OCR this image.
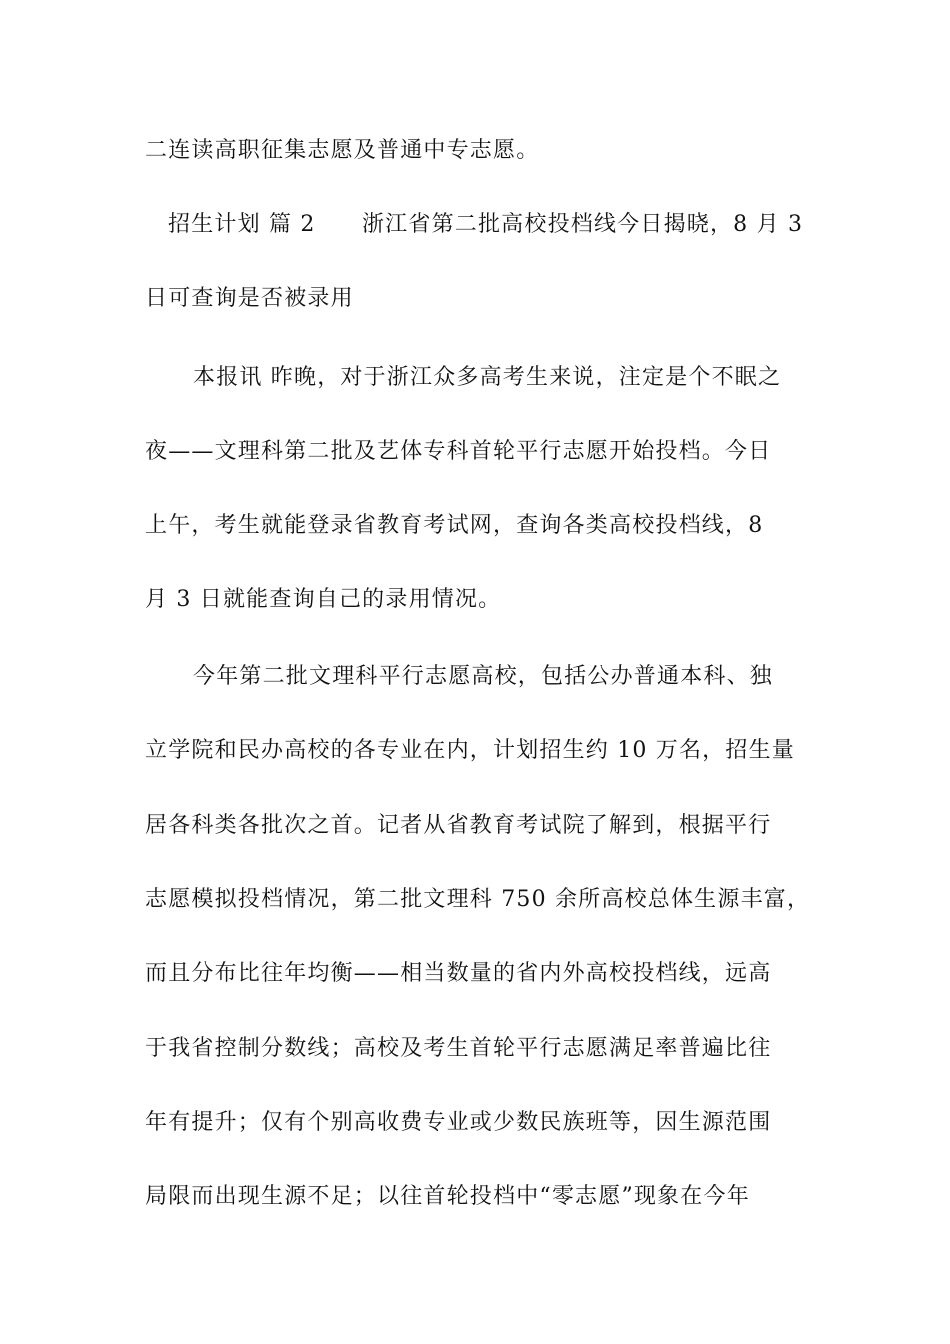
二连读高职征集志愿及普通中专志愿。

招生计划 篇 2　　浙江省第二批高校投档线今日揭晓，8 月 3

日可查询是否被录用

本报讯 昨晚，对于浙江众多高考生来说，注定是个不眠之

夜——文理科第二批及艺体专科首轮平行志愿开始投档。今日

上午，考生就能登录省教育考试网，查询各类高校投档线，8

月 3 日就能查询自己的录用情况。

今年第二批文理科平行志愿高校，包括公办普通本科、独

立学院和民办高校的各专业在内，计划招生约 10 万名，招生量

居各科类各批次之首。记者从省教育考试院了解到，根据平行

志愿模拟投档情况，第二批文理科 750 余所高校总体生源丰富，

而且分布比往年均衡——相当数量的省内外高校投档线，远高

于我省控制分数线；高校及考生首轮平行志愿满足率普遍比往

年有提升；仅有个别高收费专业或少数民族班等，因生源范围

局限而出现生源不足；以往首轮投档中“零志愿”现象在今年
